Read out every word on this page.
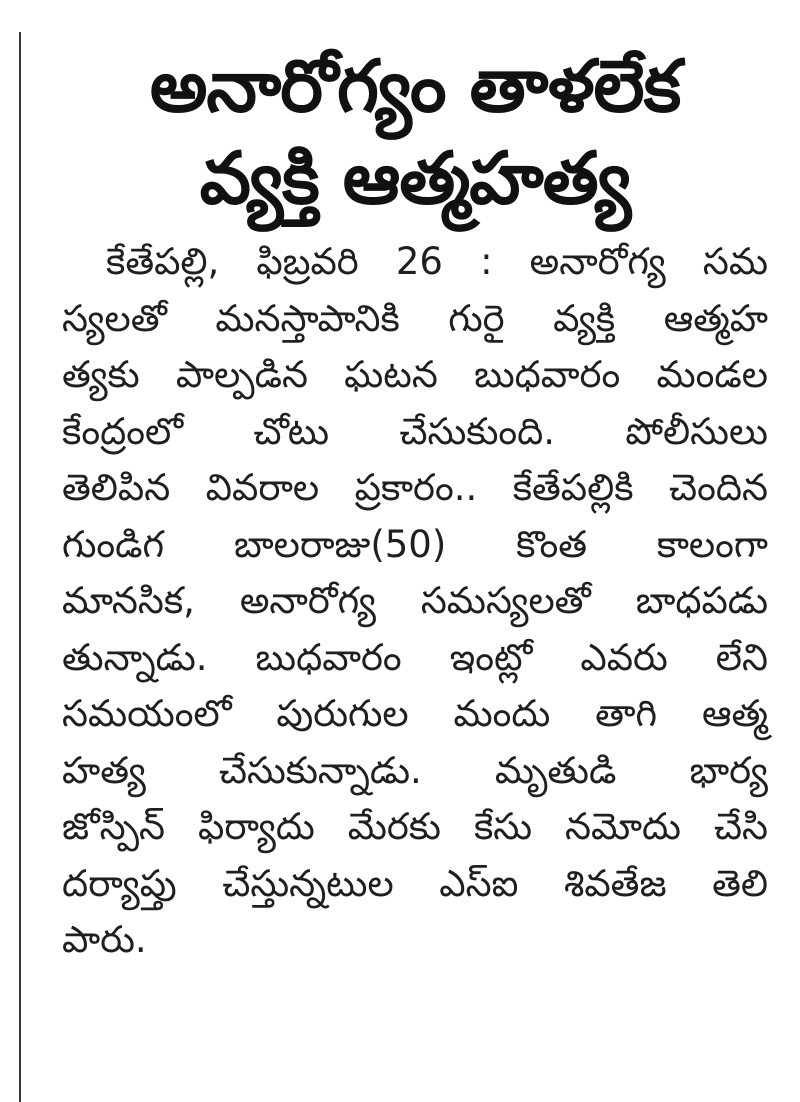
అనారోగ్యం తాళలేక
వ్యక్తి ఆత్మహత్య
కేతేపల్లి, ఫిబ్రవరి 26 : అనారోగ్య సమ
స్యలతో మనస్తాపానికి గురై వ్యక్తి ఆత్మహ
త్యకు పాల్పడిన ఘటన బుధవారం మండల
కేంద్రంలో చోటు చేసుకుంది. పోలీసులు
తెలిపిన వివరాల ప్రకారం.. కేతేపల్లికి చెందిన
గుండిగ బాలరాజు(50) కొంత కాలంగా
మానసిక, అనారోగ్య సమస్యలతో బాధపడు
తున్నాడు. బుధవారం ఇంట్లో ఎవరు లేని
సమయంలో పురుగుల మందు తాగి ఆత్మ
హత్య చేసుకున్నాడు. మృతుడి భార్య
జోస్పిన్ ఫిర్యాదు మేరకు కేసు నమోదు చేసి
దర్యాప్తు చేస్తున్నటుల ఎస్ఐ శివతేజ తెలి
పారు.
